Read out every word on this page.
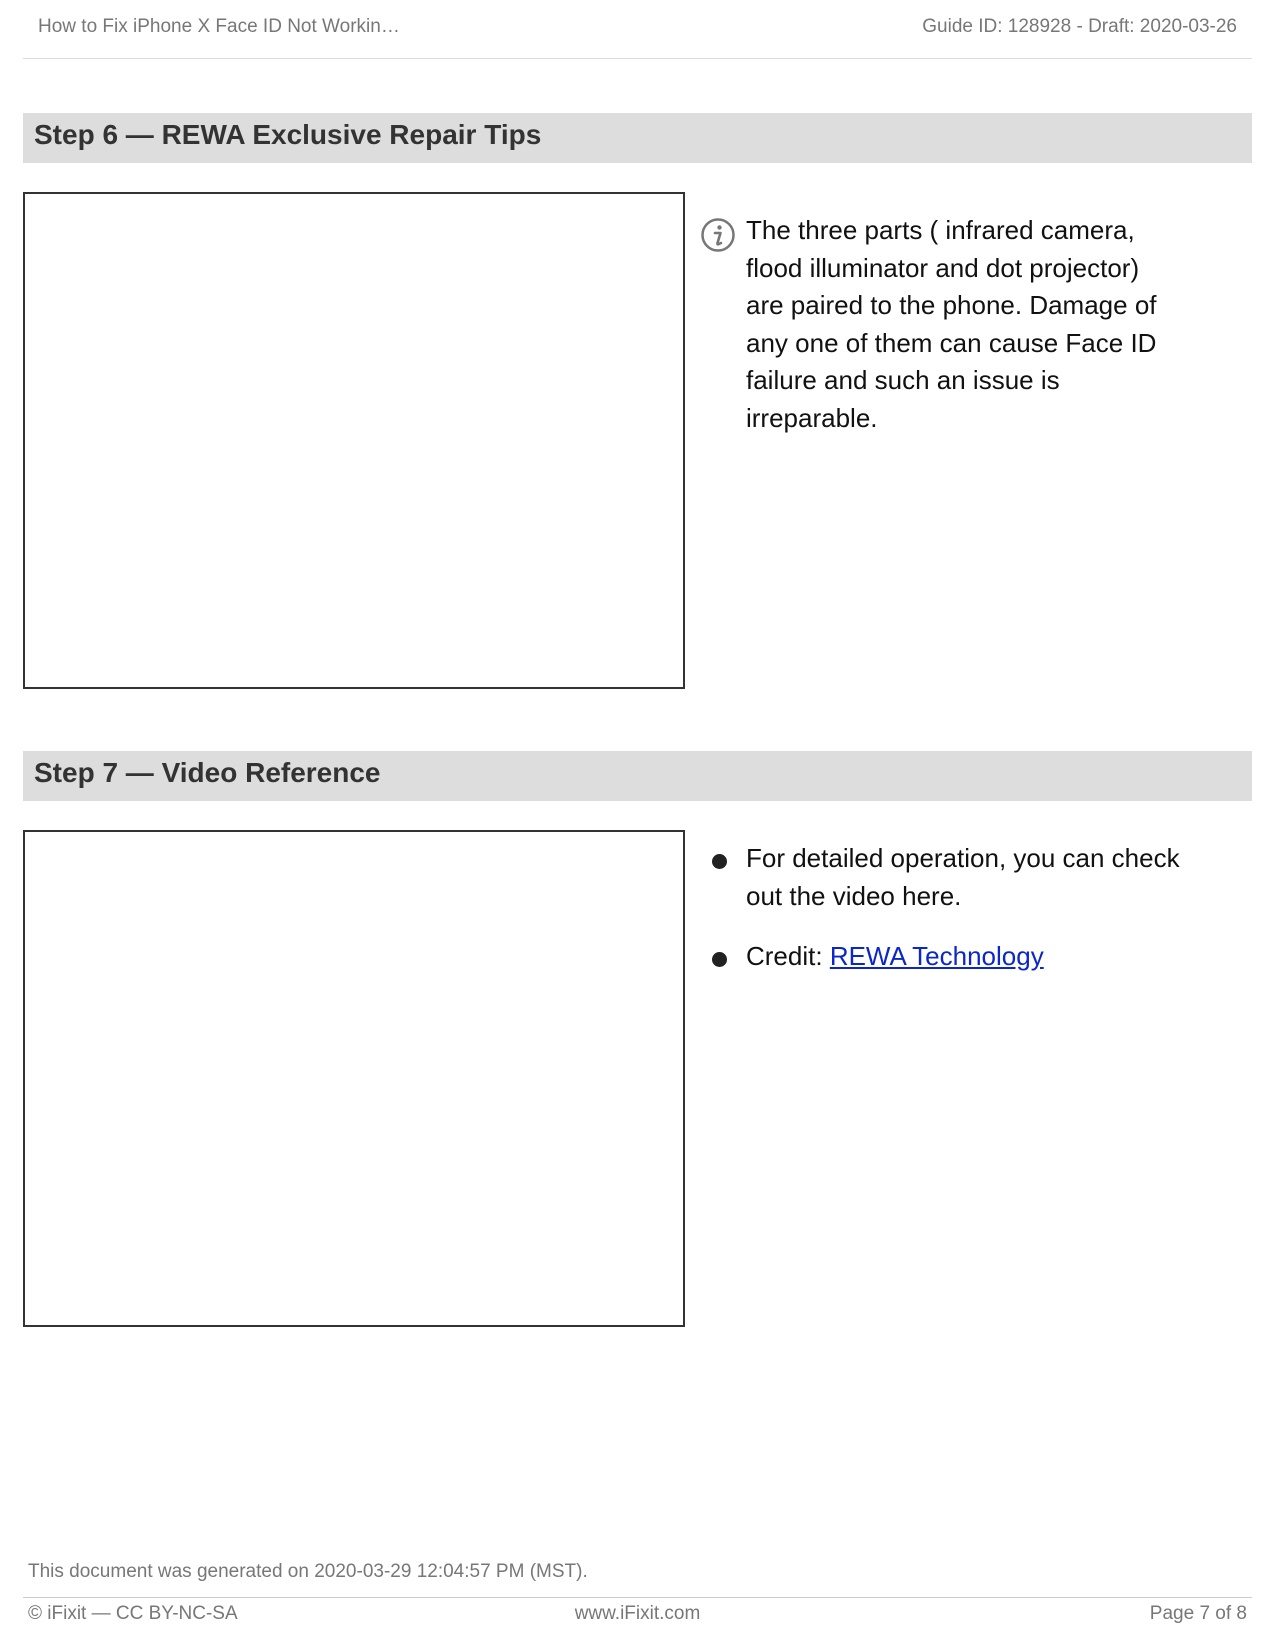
How to Fix iPhone X Face ID Not Workin…	Guide ID: 128928 - Draft: 2020-03-26
Step 6 — REWA Exclusive Repair Tips
The three parts ( infrared camera, flood illuminator and dot projector) are paired to the phone. Damage of any one of them can cause Face ID failure and such an issue is irreparable.
Step 7 — Video Reference
For detailed operation, you can check out the video here.
Credit: REWA Technology
This document was generated on 2020-03-29 12:04:57 PM (MST).
© iFixit — CC BY-NC-SA	www.iFixit.com	Page 7 of 8
